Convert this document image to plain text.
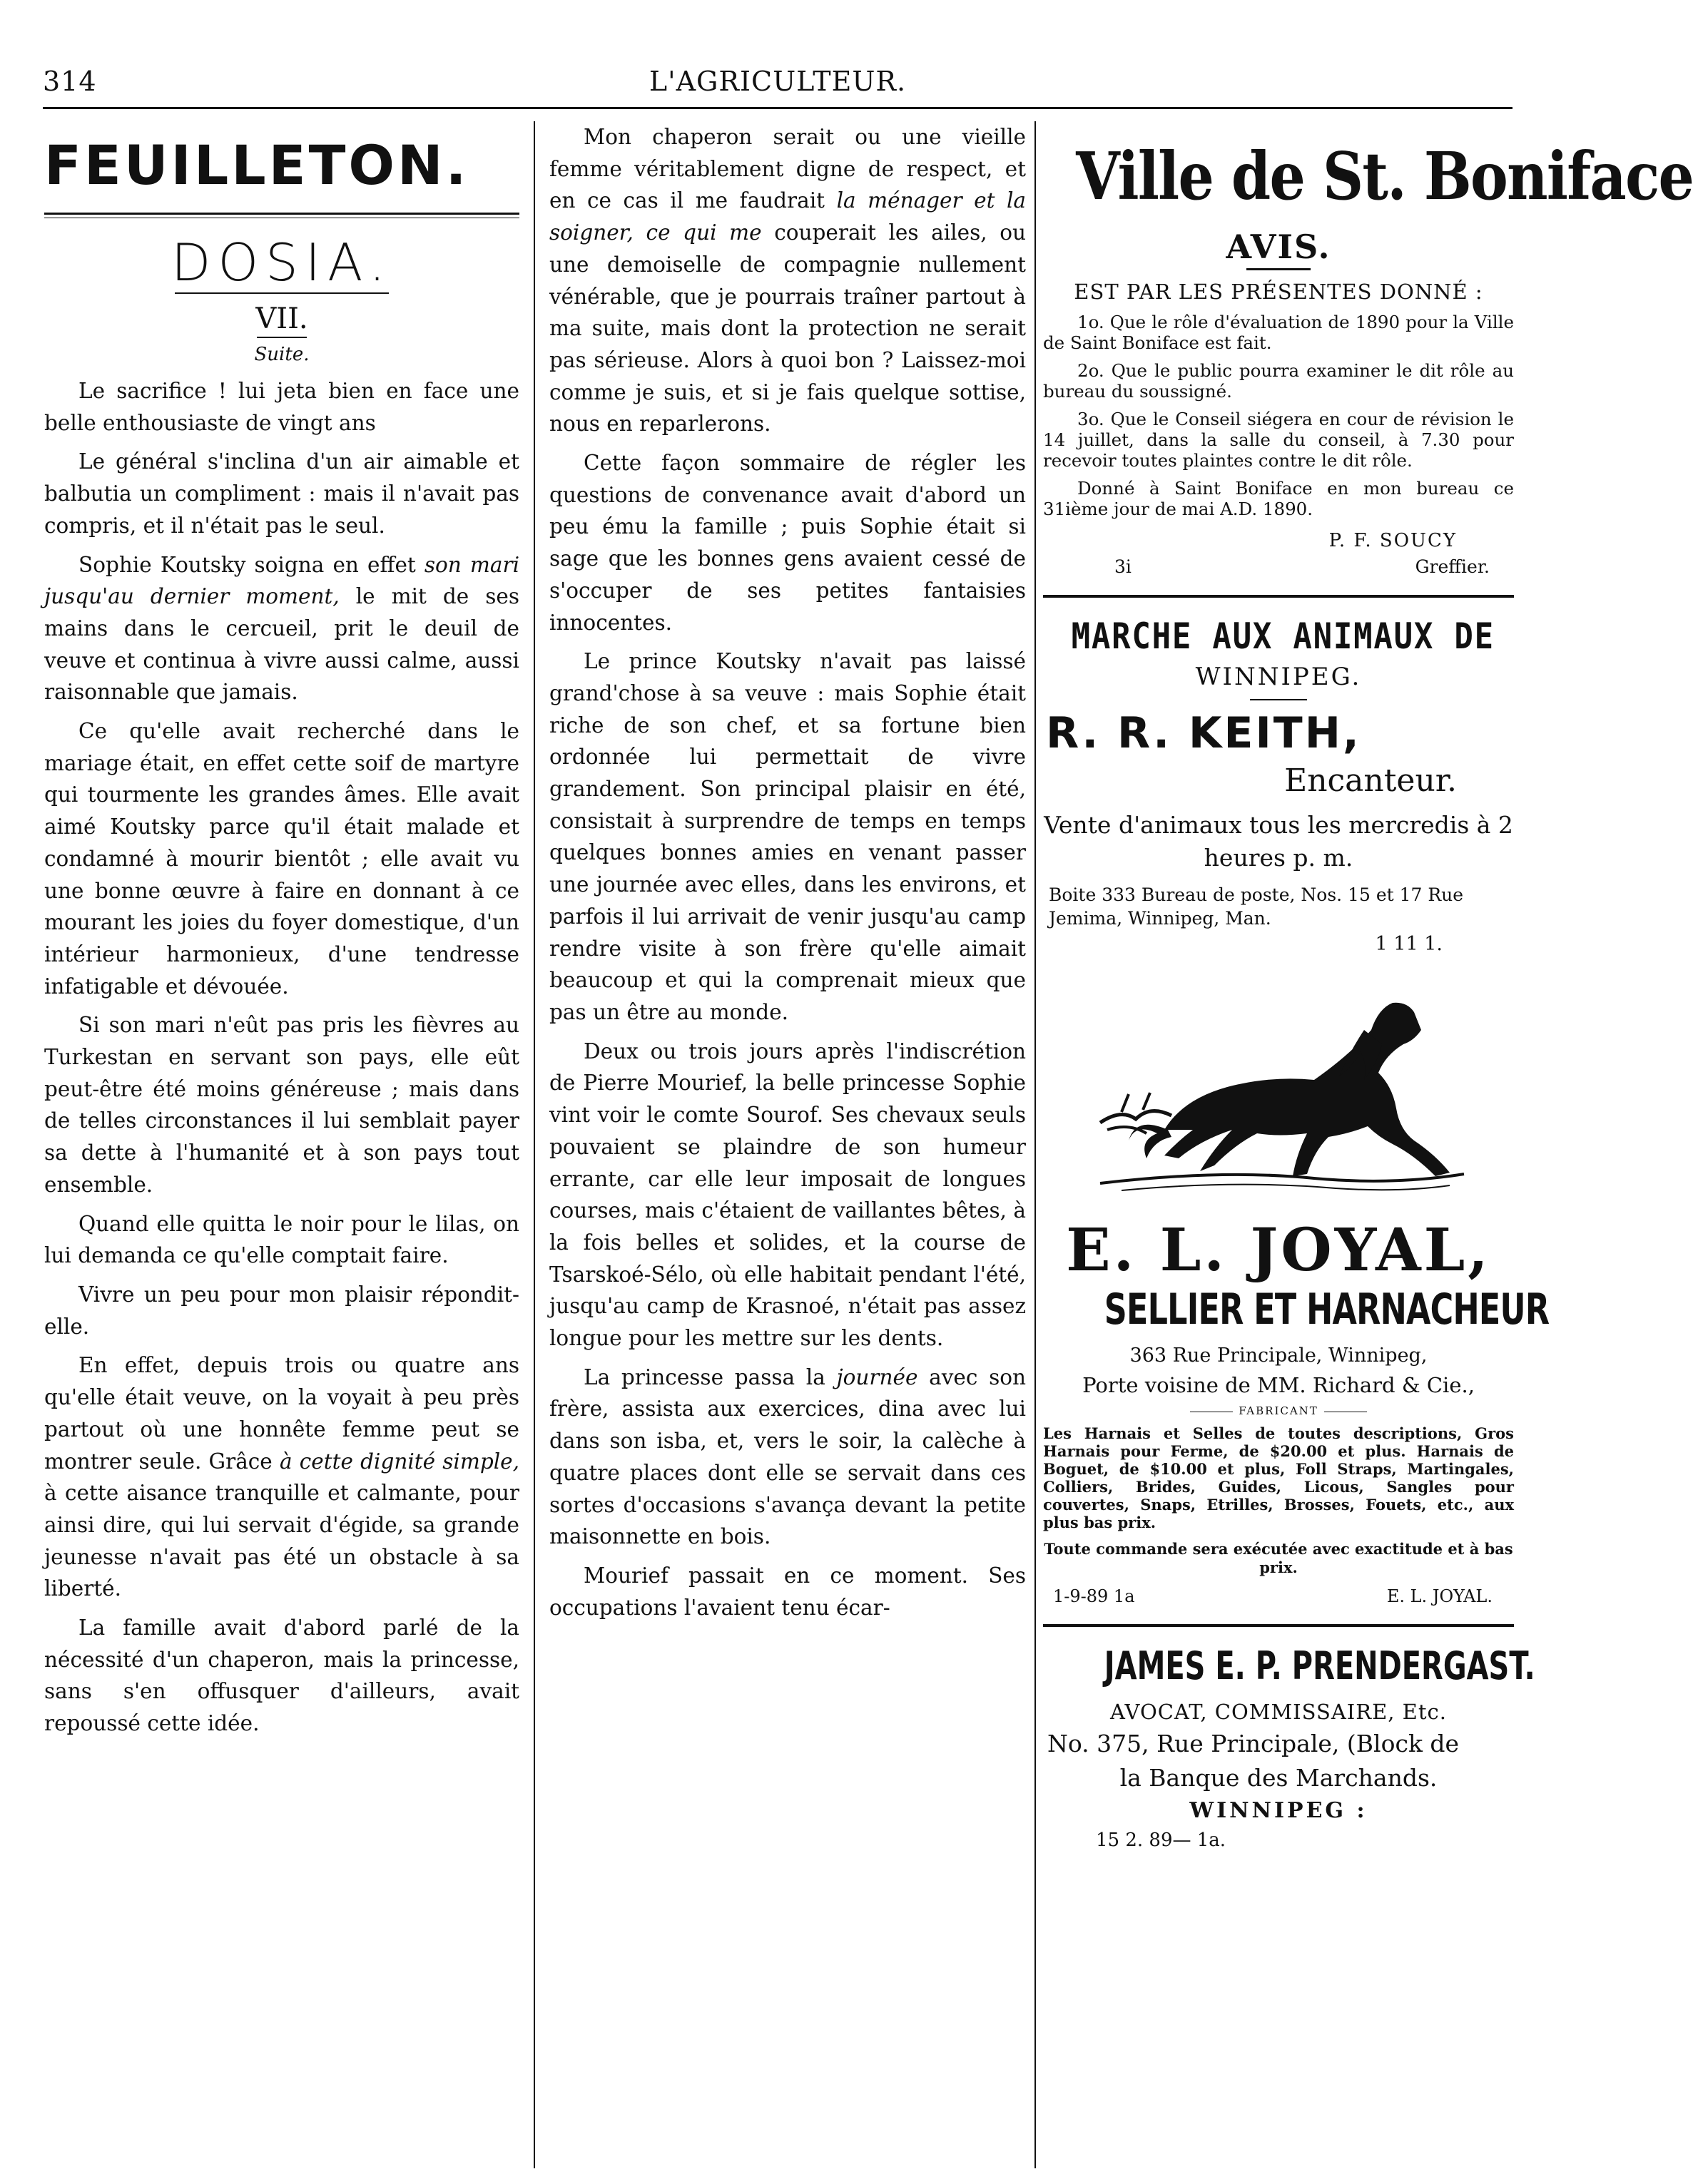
314	L'AGRICULTEUR.
FEUILLETON.
DOSIA.
VII.

Suite.

Le sacrifice ! lui jeta bien en face une belle enthousiaste de vingt ans

Le général s'inclina d'un air aimable et balbutia un compliment : mais il n'avait pas compris, et il n'était pas le seul.

Sophie Koutsky soigna en effet son mari jusqu'au dernier moment, le mit de ses mains dans le cercueil, prit le deuil de veuve et continua à vivre aussi calme, aussi raisonnable que jamais.

Ce qu'elle avait recherché dans le mariage était, en effet cette soif de martyre qui tourmente les grandes âmes. Elle avait aimé Koutsky parce qu'il était malade et condamné à mourir bientôt ; elle avait vu une bonne œuvre à faire en donnant à ce mourant les joies du foyer domestique, d'un intérieur harmonieux, d'une tendresse infatigable et dévouée.

Si son mari n'eût pas pris les fièvres au Turkestan en servant son pays, elle eût peut-être été moins généreuse ; mais dans de telles circonstances il lui semblait payer sa dette à l'humanité et à son pays tout ensemble.

Quand elle quitta le noir pour le lilas, on lui demanda ce qu'elle comptait faire.

Vivre un peu pour mon plaisir répondit-elle.

En effet, depuis trois ou quatre ans qu'elle était veuve, on la voyait à peu près partout où une honnête femme peut se montrer seule. Grâce à cette dignité simple, à cette aisance tranquille et calmante, pour ainsi dire, qui lui servait d'égide, sa grande jeunesse n'avait pas été un obstacle à sa liberté.

La famille avait d'abord parlé de la nécessité d'un chaperon, mais la princesse, sans s'en offusquer d'ailleurs, avait repoussé cette idée.

Mon chaperon serait ou une vieille femme véritablement digne de respect, et en ce cas il me faudrait la ménager et la soigner, ce qui me couperait les ailes, ou une demoiselle de compagnie nullement vénérable, que je pourrais traîner partout à ma suite, mais dont la protection ne serait pas sérieuse. Alors à quoi bon ? Laissez-moi comme je suis, et si je fais quelque sottise, nous en reparlerons.

Cette façon sommaire de régler les questions de convenance avait d'abord un peu ému la famille ; puis Sophie était si sage que les bonnes gens avaient cessé de s'occuper de ses petites fantaisies innocentes.

Le prince Koutsky n'avait pas laissé grand'chose à sa veuve : mais Sophie était riche de son chef, et sa fortune bien ordonnée lui permettait de vivre grandement. Son principal plaisir en été, consistait à surprendre de temps en temps quelques bonnes amies en venant passer une journée avec elles, dans les environs, et parfois il lui arrivait de venir jusqu'au camp rendre visite à son frère qu'elle aimait beaucoup et qui la comprenait mieux que pas un être au monde.

Deux ou trois jours après l'indiscrétion de Pierre Mourief, la belle princesse Sophie vint voir le comte Sourof. Ses chevaux seuls pouvaient se plaindre de son humeur errante, car elle leur imposait de longues courses, mais c'étaient de vaillantes bêtes, à la fois belles et solides, et la course de Tsarskoé-Sélo, où elle habitait pendant l'été, jusqu'au camp de Krasnoé, n'était pas assez longue pour les mettre sur les dents.

La princesse passa la journée avec son frère, assista aux exercices, dina avec lui dans son isba, et, vers le soir, la calèche à quatre places dont elle se servait dans ces sortes d'occasions s'avança devant la petite maisonnette en bois.

Mourief passait en ce moment. Ses occupations l'avaient tenu écar-

Ville de St. Boniface
AVIS.
EST PAR LES PRÉSENTES DONNÉ :

1o. Que le rôle d'évaluation de 1890 pour la Ville de Saint Boniface est fait.

2o. Que le public pourra examiner le dit rôle au bureau du soussigné.

3o. Que le Conseil siégera en cour de révision le 14 juillet, dans la salle du conseil, à 7.30 pour recevoir toutes plaintes contre le dit rôle.

Donné à Saint Boniface en mon bureau ce 31ième jour de mai A.D. 1890.

P. F. SOUCY
3i	Greffier.
MARCHE AUX ANIMAUX DE
WINNIPEG.
R. R. KEITH,
Encanteur.
Vente d'animaux tous les mercredis à 2 heures p. m.
Boite 333 Bureau de poste, Nos. 15 et 17 Rue Jemima, Winnipeg, Man.
1 11 1.
E. L. JOYAL,
SELLIER ET HARNACHEUR
363 Rue Principale, Winnipeg,
Porte voisine de MM. Richard & Cie.,
FABRICANT
Les Harnais et Selles de toutes descriptions, Gros Harnais pour Ferme, de $20.00 et plus. Harnais de Boguet, de $10.00 et plus, Foll Straps, Martingales, Colliers, Brides, Guides, Licous, Sangles pour couvertes, Snaps, Etrilles, Brosses, Fouets, etc., aux plus bas prix.
Toute commande sera exécutée avec exactitude et à bas prix.
1-9-89 1a	E. L. JOYAL.
JAMES E. P. PRENDERGAST.
AVOCAT, COMMISSAIRE, Etc.
No. 375, Rue Principale, (Block de
la Banque des Marchands.
WINNIPEG :
15 2. 89— 1a.
